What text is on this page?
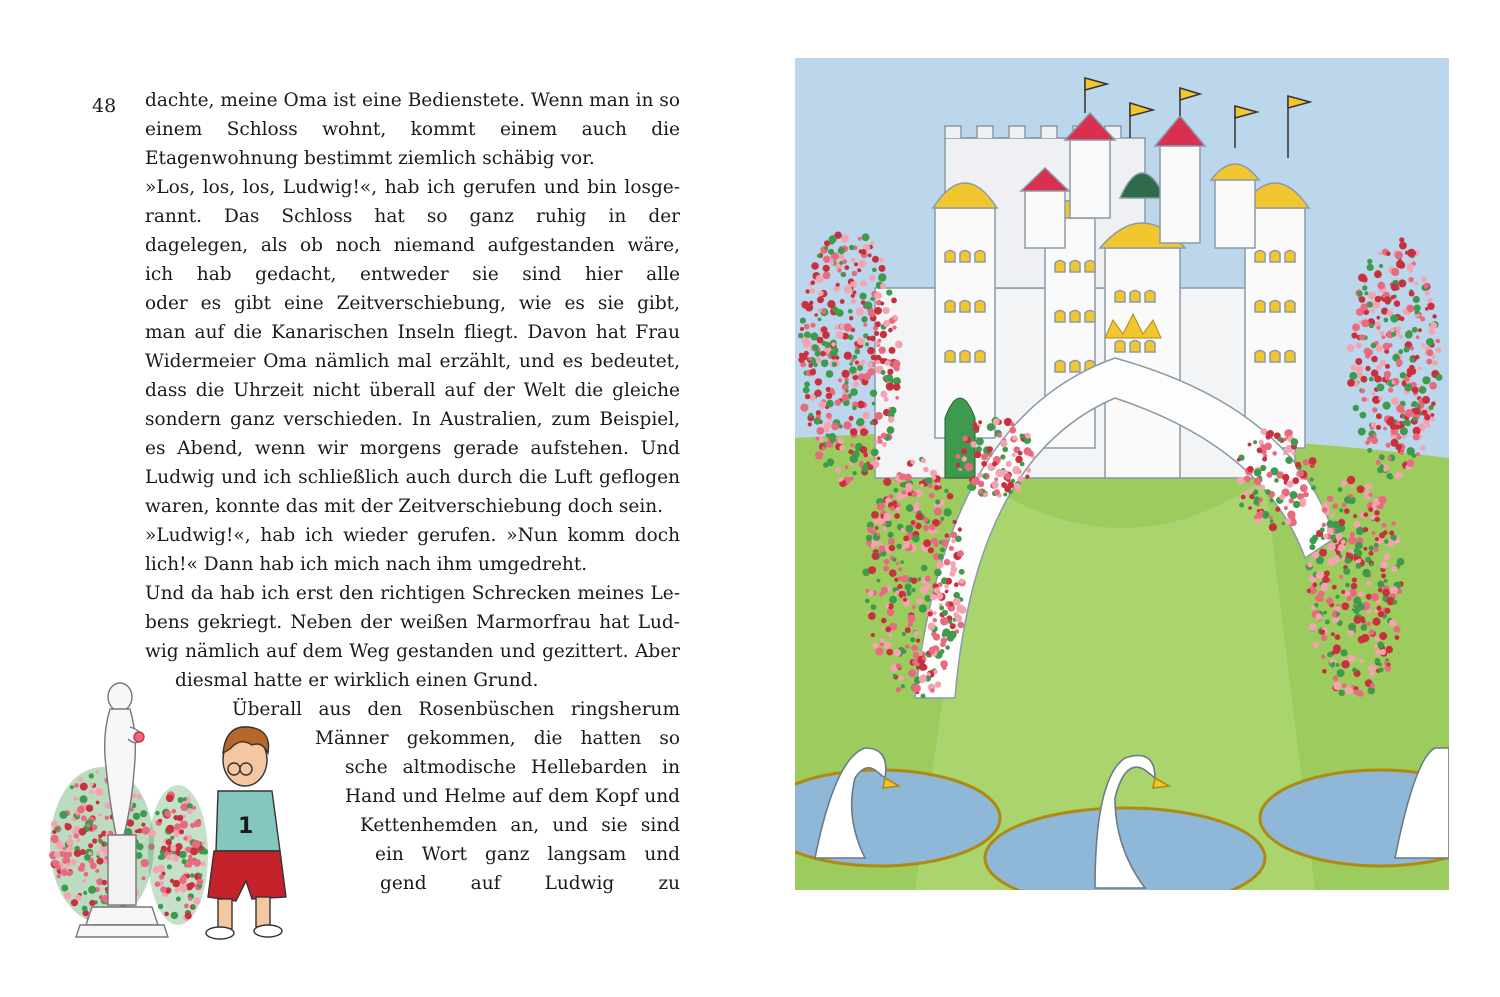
48 dachte, meine Oma ist eine Bedienstete. Wenn man in so
einem Schloss wohnt, kommt einem auch die
Etagenwohnung bestimmt ziemlich schäbig vor.
»Los, los, los, Ludwig!«, hab ich gerufen und bin losge-
rannt. Das Schloss hat so ganz ruhig in der
dagelegen, als ob noch niemand aufgestanden wäre,
ich hab gedacht, entweder sie sind hier alle
oder es gibt eine Zeitverschiebung, wie es sie gibt,
man auf die Kanarischen Inseln fliegt. Davon hat Frau
Widermeier Oma nämlich mal erzählt, und es bedeutet,
dass die Uhrzeit nicht überall auf der Welt die gleiche
sondern ganz verschieden. In Australien, zum Beispiel,
es Abend, wenn wir morgens gerade aufstehen. Und
Ludwig und ich schließlich auch durch die Luft geflogen
waren, konnte das mit der Zeitverschiebung doch sein.
»Ludwig!«, hab ich wieder gerufen. »Nun komm doch
lich!« Dann hab ich mich nach ihm umgedreht.
Und da hab ich erst den richtigen Schrecken meines Le-
bens gekriegt. Neben der weißen Marmorfrau hat Lud-
wig nämlich auf dem Weg gestanden und gezittert. Aber
diesmal hatte er wirklich einen Grund.
Überall aus den Rosenbüschen ringsherum
Männer gekommen, die hatten so
sche altmodische Hellebarden in
Hand und Helme auf dem Kopf und
Kettenhemden an, und sie sind
ein Wort ganz langsam und
gend auf Ludwig zu
1
